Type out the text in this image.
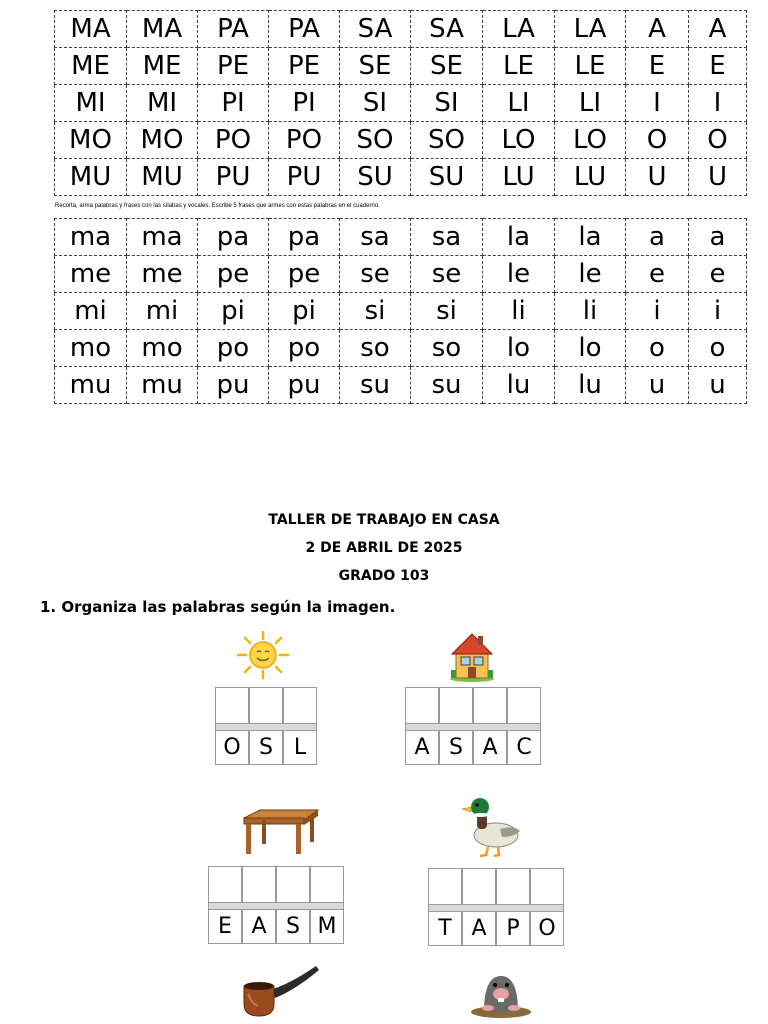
MA	MA	PA	PA	SA	SA	LA	LA	A	A
ME	ME	PE	PE	SE	SE	LE	LE	E	E
MI	MI	PI	PI	SI	SI	LI	LI	I	I
MO	MO	PO	PO	SO	SO	LO	LO	O	O
MU	MU	PU	PU	SU	SU	LU	LU	U	U
Recorta, arma palabras y frases con las sílabas y vocales. Escribe 5 frases que armes con estas palabras en el cuaderno.
ma	ma	pa	pa	sa	sa	la	la	a	a
me	me	pe	pe	se	se	le	le	e	e
mi	mi	pi	pi	si	si	li	li	i	i
mo	mo	po	po	so	so	lo	lo	o	o
mu	mu	pu	pu	su	su	lu	lu	u	u
TALLER DE TRABAJO EN CASA
2 DE ABRIL DE 2025
GRADO 103
1. Organiza las palabras según la imagen.
O S L	A S A C
E A S M	T A P O
